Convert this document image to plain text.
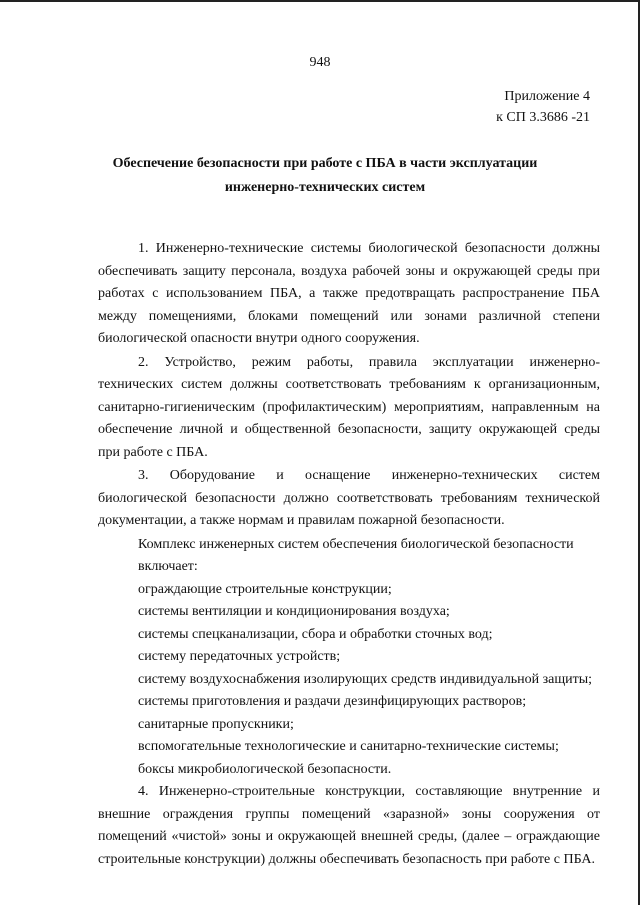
948
Приложение 4
к СП 3.3686 -21
Обеспечение безопасности при работе с ПБА в части эксплуатации
инженерно-технических систем

1. Инженерно-технические системы биологической безопасности должны обеспечивать защиту персонала, воздуха рабочей зоны и окружающей среды при работах с использованием ПБА, а также предотвращать распространение ПБА между помещениями, блоками помещений или зонами различной степени биологической опасности внутри одного сооружения.

2. Устройство, режим работы, правила эксплуатации инженерно-технических систем должны соответствовать требованиям к организационным, санитарно-гигиеническим (профилактическим) мероприятиям, направленным на обеспечение личной и общественной безопасности, защиту окружающей среды при работе с ПБА.

3. Оборудование и оснащение инженерно-технических систем биологической безопасности должно соответствовать требованиям технической документации, а также нормам и правилам пожарной безопасности.

Комплекс инженерных систем обеспечения биологической безопасности включает:

ограждающие строительные конструкции;

системы вентиляции и кондиционирования воздуха;

системы спецканализации, сбора и обработки сточных вод;

систему передаточных устройств;

систему воздухоснабжения изолирующих средств индивидуальной защиты;

системы приготовления и раздачи дезинфицирующих растворов;

санитарные пропускники;

вспомогательные технологические и санитарно-технические системы;

боксы микробиологической безопасности.

4. Инженерно-строительные конструкции, составляющие внутренние и внешние ограждения группы помещений «заразной» зоны сооружения от помещений «чистой» зоны и окружающей внешней среды, (далее – ограждающие строительные конструкции) должны обеспечивать безопасность при работе с ПБА.
